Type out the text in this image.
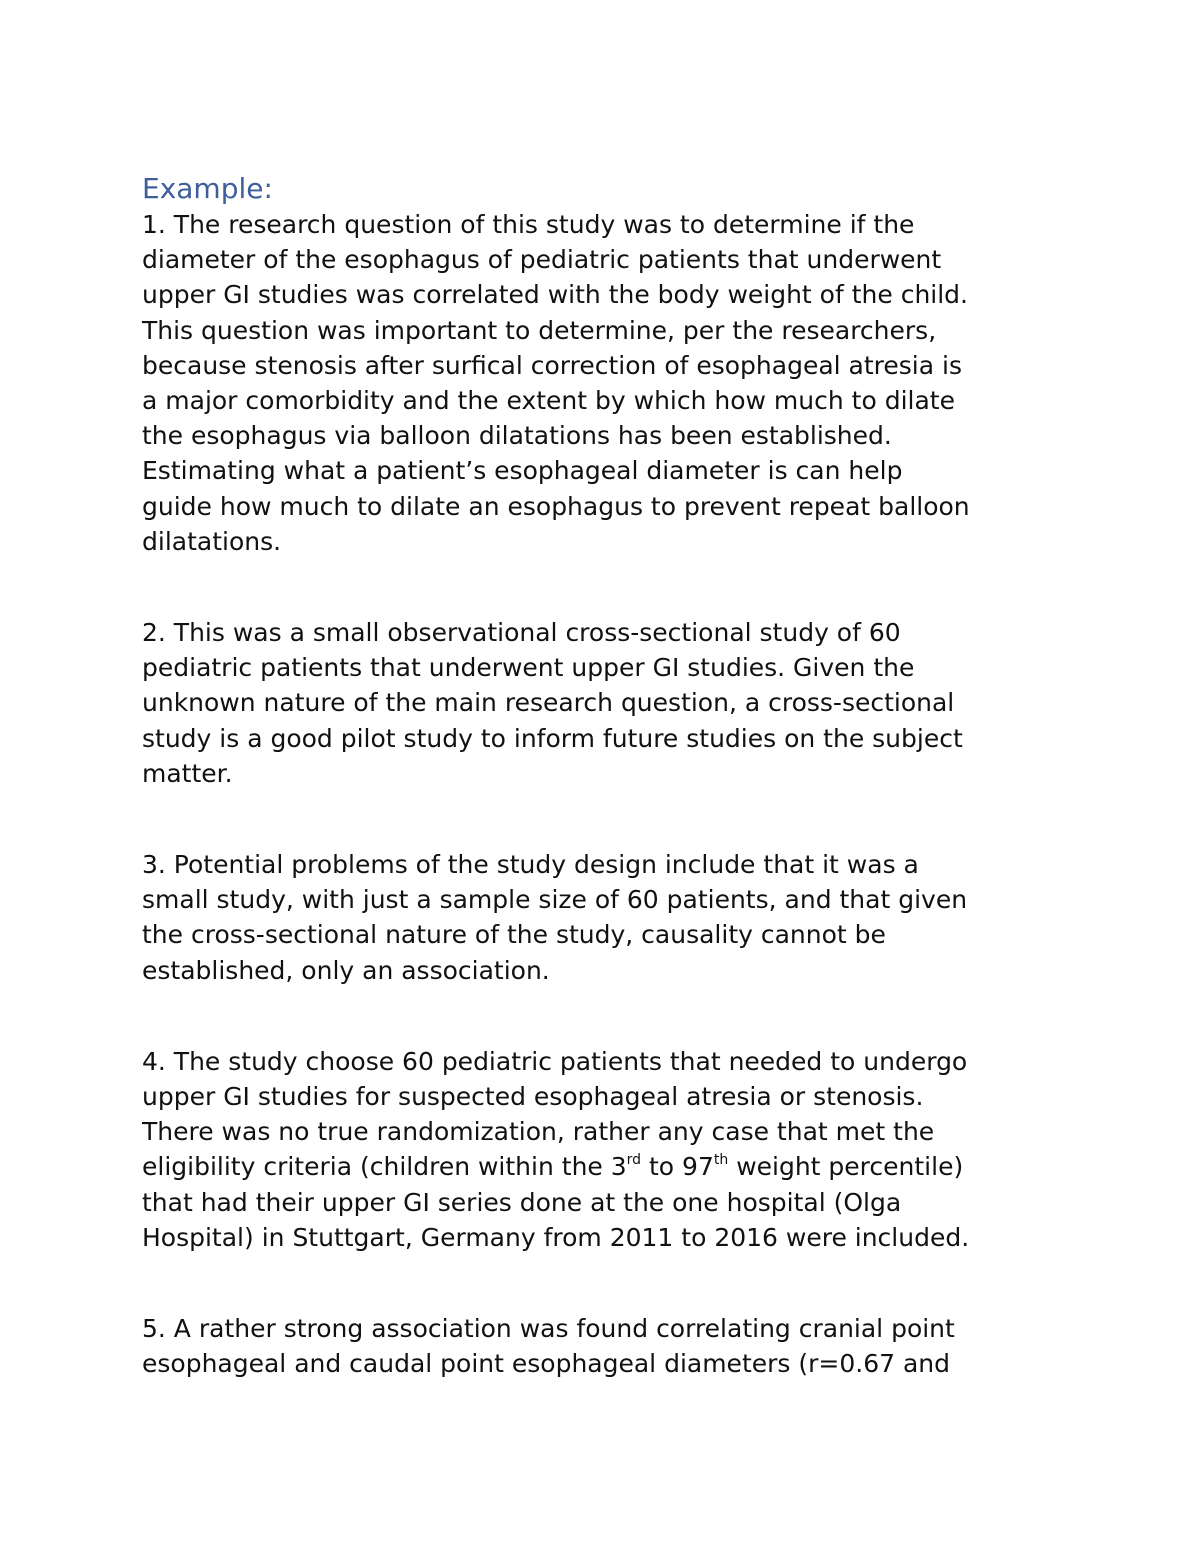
Example:

1. The research question of this study was to determine if the
diameter of the esophagus of pediatric patients that underwent
upper GI studies was correlated with the body weight of the child.
This question was important to determine, per the researchers,
because stenosis after surfical correction of esophageal atresia is
a major comorbidity and the extent by which how much to dilate
the esophagus via balloon dilatations has been established.
Estimating what a patient’s esophageal diameter is can help
guide how much to dilate an esophagus to prevent repeat balloon
dilatations.

2. This was a small observational cross-sectional study of 60
pediatric patients that underwent upper GI studies. Given the
unknown nature of the main research question, a cross-sectional
study is a good pilot study to inform future studies on the subject
matter.

3. Potential problems of the study design include that it was a
small study, with just a sample size of 60 patients, and that given
the cross-sectional nature of the study, causality cannot be
established, only an association.

4. The study choose 60 pediatric patients that needed to undergo
upper GI studies for suspected esophageal atresia or stenosis.
There was no true randomization, rather any case that met the
eligibility criteria (children within the 3rd to 97th weight percentile)
that had their upper GI series done at the one hospital (Olga
Hospital) in Stuttgart, Germany from 2011 to 2016 were included.

5. A rather strong association was found correlating cranial point
esophageal and caudal point esophageal diameters (r=0.67 and
